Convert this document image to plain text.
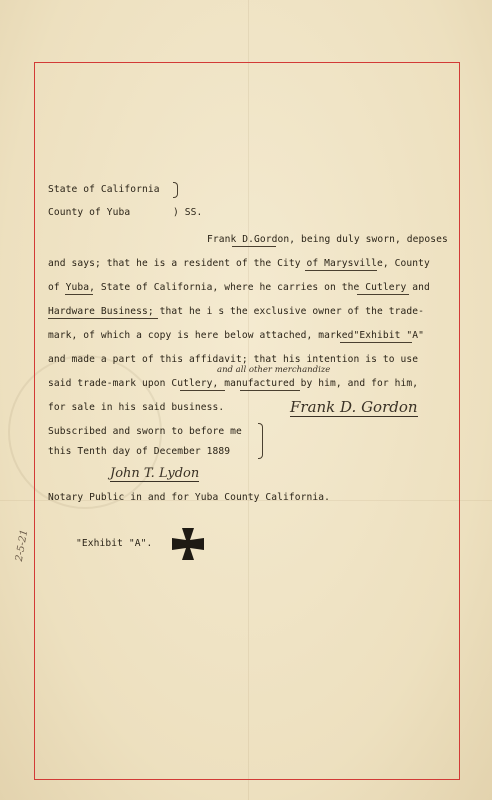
State of California
County of Yuba	) SS.
Frank D.Gordon, being duly sworn, deposes
and says; that he is a resident of the City of Marysville, County
of Yuba, State of California, where he carries on the Cutlery and
Hardware Business; that he i s the exclusive owner of the trade-
mark, of which a copy is here below attached, marked"Exhibit "A"
and made a part of this affidavit; that his intention is to use
and all other merchandize
said trade-mark upon Cutlery, manufactured by him, and for him,
for sale in his said business.	Frank D. Gordon
Subscribed and sworn to before me
this Tenth day of December 1889
John T. Lydon
Notary Public in and for Yuba County California.
"Exhibit "A".
2-5-21
